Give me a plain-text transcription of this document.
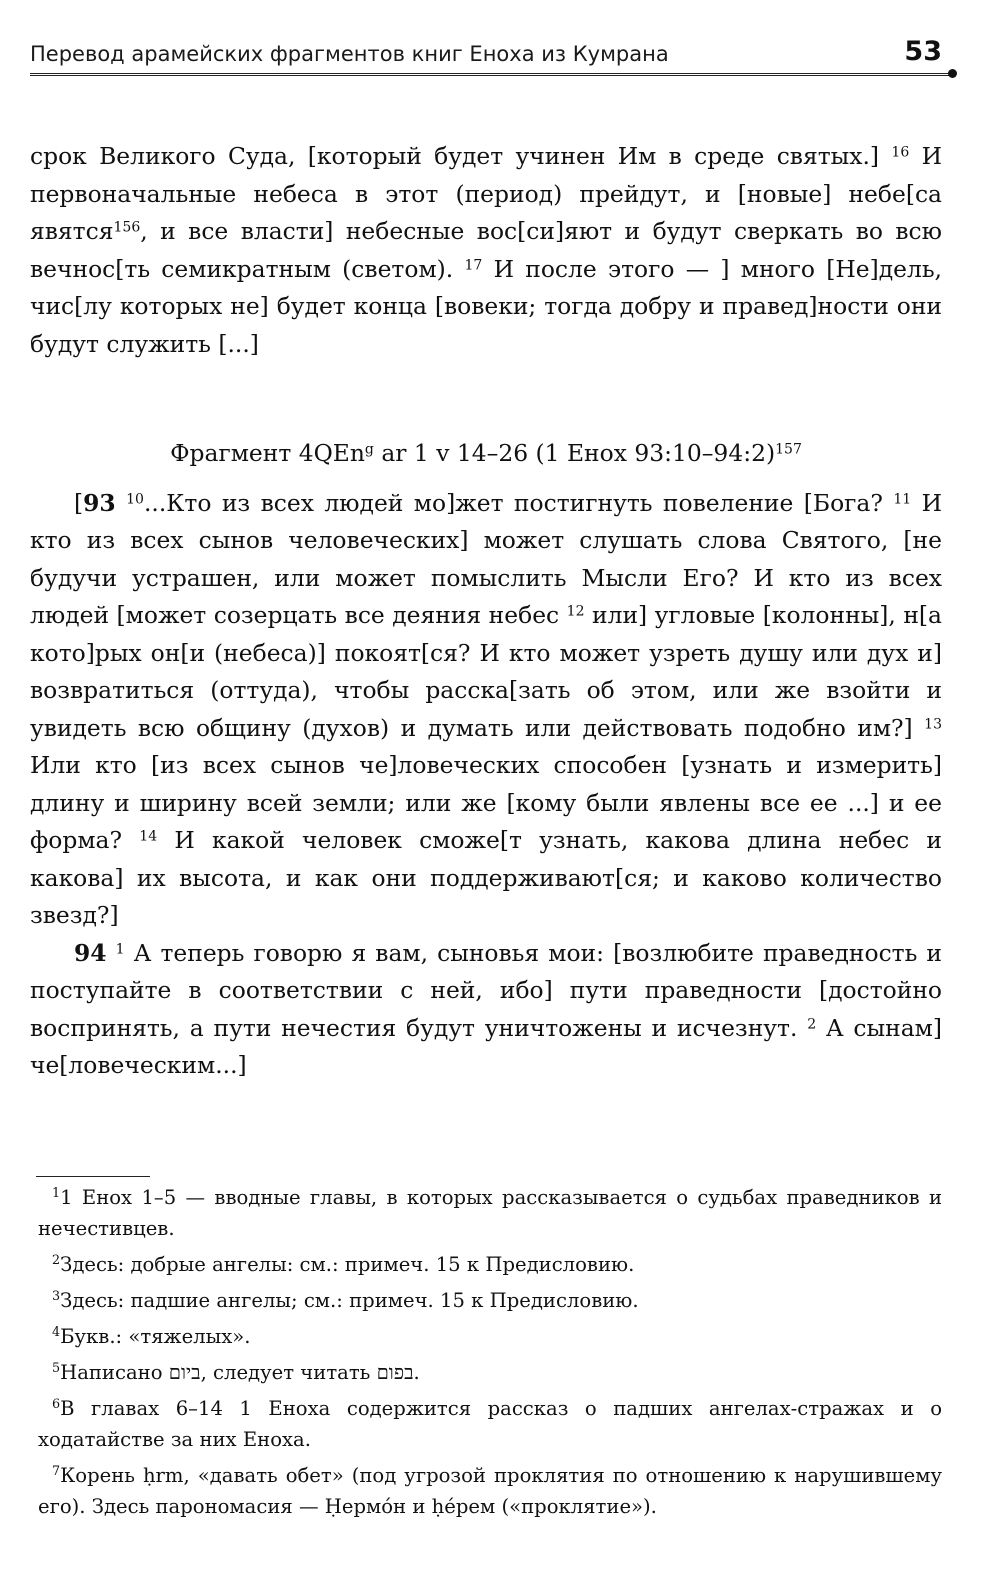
Перевод арамейских фрагментов книг Еноха из Кумрана	53

срок Великого Суда, [который будет учинен Им в среде святых.] $^{16}$ И первоначальные небеса в этот (период) прейдут, и [новые] небе[са явятся$^{156}$, и все власти] небесные вос[си]яют и будут сверкать во всю вечнос[ть семикратным (светом). $^{17}$ И после этого — ] много [Не]дель, чис[лу которых не] будет конца [вовеки; тогда добру и правед]ности они будут служить [...]

Фрагмент 4QEn$^g$ ar 1 v 14–26 (1 Енох 93:10–94:2)$^{157}$

[93 $^{10}$...Кто из всех людей мо]жет постигнуть повеление [Бога? $^{11}$ И кто из всех сынов человеческих] может слушать слова Святого, [не будучи устрашен, или может помыслить Мысли Его? И кто из всех людей [может созерцать все деяния небес $^{12}$ или] угловые [колонны], н[а кото]рых он[и (небеса)] покоят[ся? И кто может узреть душу или дух и] возвратиться (оттуда), чтобы расска[зать об этом, или же взойти и увидеть всю общину (духов) и думать или действовать подобно им?] $^{13}$ Или кто [из всех сынов че]ловеческих способен [узнать и измерить] длину и ширину всей земли; или же [кому были явлены все ее ...] и ее форма? $^{14}$ И какой человек сможе[т узнать, какова длина небес и какова] их высота, и как они поддерживают[ся; и каково количество звезд?]

94 $^1$ А теперь говорю я вам, сыновья мои: [возлюбите праведность и поступайте в соответствии с ней, ибо] пути праведности [достойно воспринять, а пути нечестия будут уничтожены и исчезнут. $^2$ А сынам] че[ловеческим...]

$^1$1 Енох 1–5 — вводные главы, в которых рассказывается о судьбах праведников и нечестивцев.

$^2$Здесь: добрые ангелы: см.: примеч. 15 к Предисловию.

$^3$Здесь: падшие ангелы; см.: примеч. 15 к Предисловию.

$^4$Букв.: «тяжелых».

$^5$Написано ביום, следует читать בפום.

$^6$В главах 6–14 1 Еноха содержится рассказ о падших ангелах-стражах и о ходатайстве за них Еноха.

$^7$Корень ḥrm, «давать обет» (под угрозой проклятия по отношению к нарушившему его). Здесь парономасия — Ḥермо́н и ḥе́рем («проклятие»).
